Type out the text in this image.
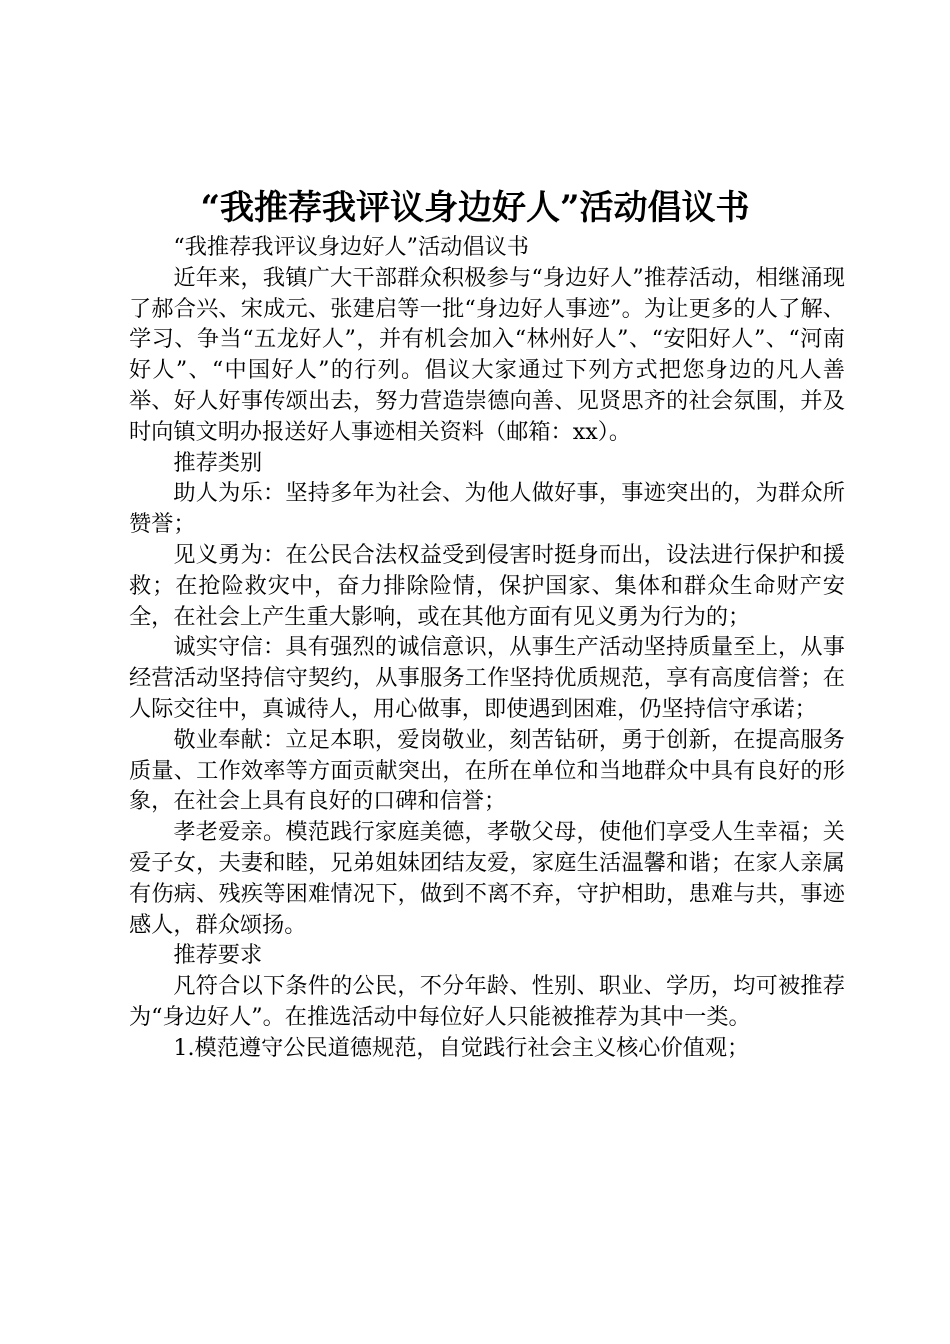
“我推荐我评议身边好人”活动倡议书

“我推荐我评议身边好人”活动倡议书

近年来，我镇广大干部群众积极参与“身边好人”推荐活动，相继涌现了郝合兴、宋成元、张建启等一批“身边好人事迹”。为让更多的人了解、学习、争当“五龙好人”，并有机会加入“林州好人”、“安阳好人”、“河南好人”、“中国好人”的行列。倡议大家通过下列方式把您身边的凡人善举、好人好事传颂出去，努力营造崇德向善、见贤思齐的社会氛围，并及时向镇文明办报送好人事迹相关资料（邮箱：xx）。

推荐类别

助人为乐：坚持多年为社会、为他人做好事，事迹突出的，为群众所赞誉；

见义勇为：在公民合法权益受到侵害时挺身而出，设法进行保护和援救；在抢险救灾中，奋力排除险情，保护国家、集体和群众生命财产安全，在社会上产生重大影响，或在其他方面有见义勇为行为的；

诚实守信：具有强烈的诚信意识，从事生产活动坚持质量至上，从事经营活动坚持信守契约，从事服务工作坚持优质规范，享有高度信誉；在人际交往中，真诚待人，用心做事，即使遇到困难，仍坚持信守承诺；

敬业奉献：立足本职，爱岗敬业，刻苦钻研，勇于创新，在提高服务质量、工作效率等方面贡献突出，在所在单位和当地群众中具有良好的形象，在社会上具有良好的口碑和信誉；

孝老爱亲。模范践行家庭美德，孝敬父母，使他们享受人生幸福；关爱子女，夫妻和睦，兄弟姐妹团结友爱，家庭生活温馨和谐；在家人亲属有伤病、残疾等困难情况下，做到不离不弃，守护相助，患难与共，事迹感人，群众颂扬。

推荐要求

凡符合以下条件的公民，不分年龄、性别、职业、学历，均可被推荐为“身边好人”。在推选活动中每位好人只能被推荐为其中一类。

1.模范遵守公民道德规范，自觉践行社会主义核心价值观；
